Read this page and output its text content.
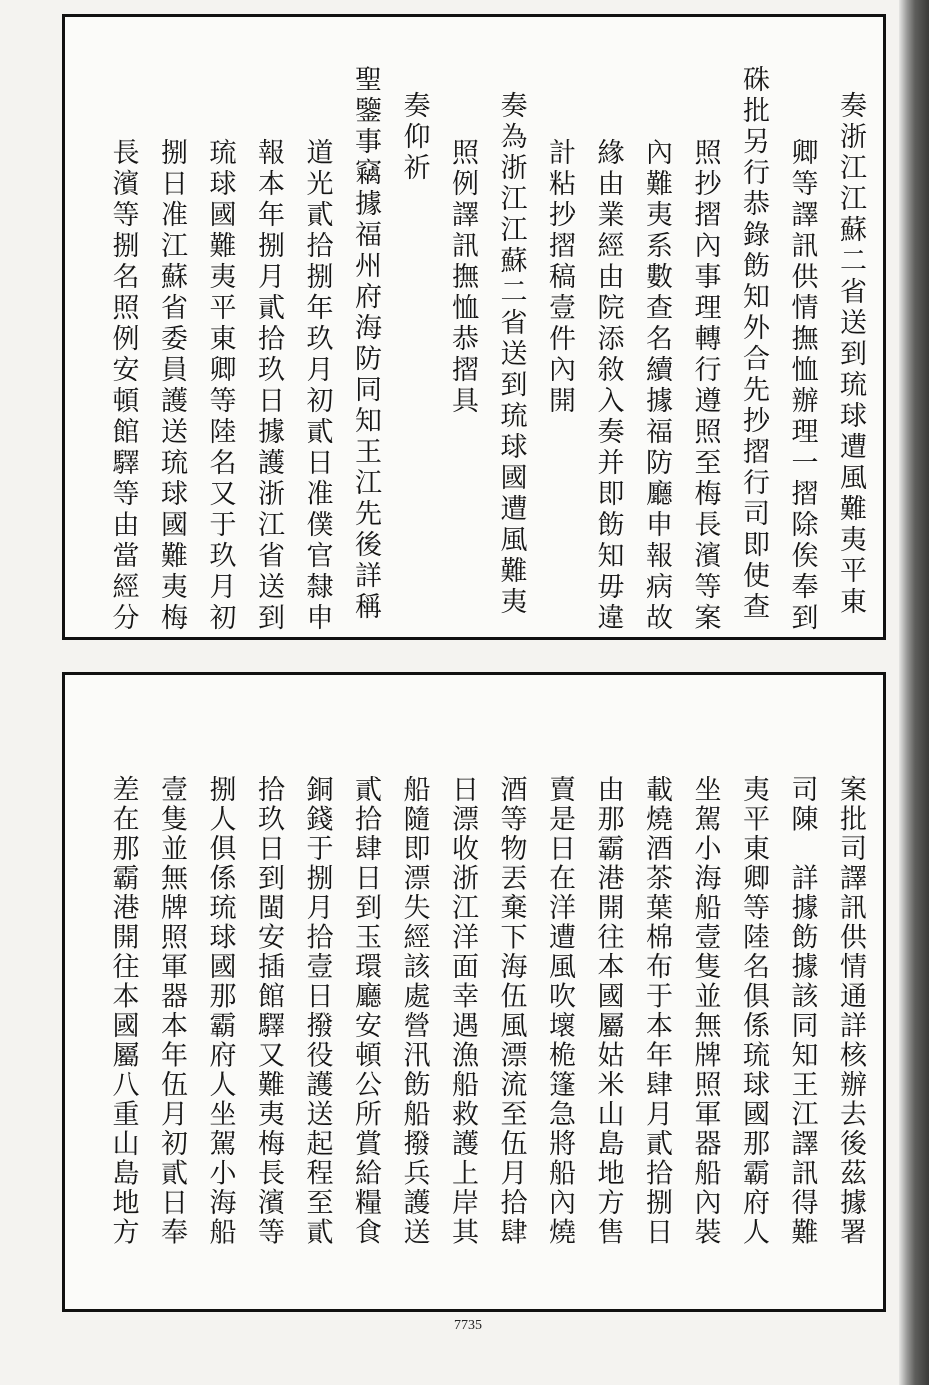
奏浙江江蘇二省送到琉球遭風難夷平東
卿等譯訊供情撫恤辦理一摺除俟奉到
硃批另行恭錄飭知外合先抄摺行司即使查
照抄摺內事理轉行遵照至梅長濱等案
內難夷系數查名續據福防廳申報病故
緣由業經由院添敘入奏并即飭知毋違
計粘抄摺稿壹件內開
奏為浙江江蘇二省送到琉球國遭風難夷
照例譯訊撫恤恭摺具
奏仰祈
聖鑒事竊據福州府海防同知王江先後詳稱
道光貳拾捌年玖月初貳日准僕官隸申
報本年捌月貳拾玖日據護浙江省送到
琉球國難夷平東卿等陸名又于玖月初
捌日准江蘇省委員護送琉球國難夷梅
長濱等捌名照例安頓館驛等由當經分
案批司譯訊供情通詳核辦去後茲據署
司陳　詳據飭據該同知王江譯訊得難
夷平東卿等陸名俱係琉球國那霸府人
坐駕小海船壹隻並無牌照軍器船內裝
載燒酒茶葉棉布于本年肆月貳拾捌日
由那霸港開往本國屬姑米山島地方售
賣是日在洋遭風吹壞桅篷急將船內燒
酒等物丟棄下海伍風漂流至伍月拾肆
日漂收浙江洋面幸遇漁船救護上岸其
船隨即漂失經該處營汛飭船撥兵護送
貳拾肆日到玉環廳安頓公所賞給糧食
銅錢于捌月拾壹日撥役護送起程至貳
拾玖日到閩安插館驛又難夷梅長濱等
捌人俱係琉球國那霸府人坐駕小海船
壹隻並無牌照軍器本年伍月初貳日奉
差在那霸港開往本國屬八重山島地方
7735
